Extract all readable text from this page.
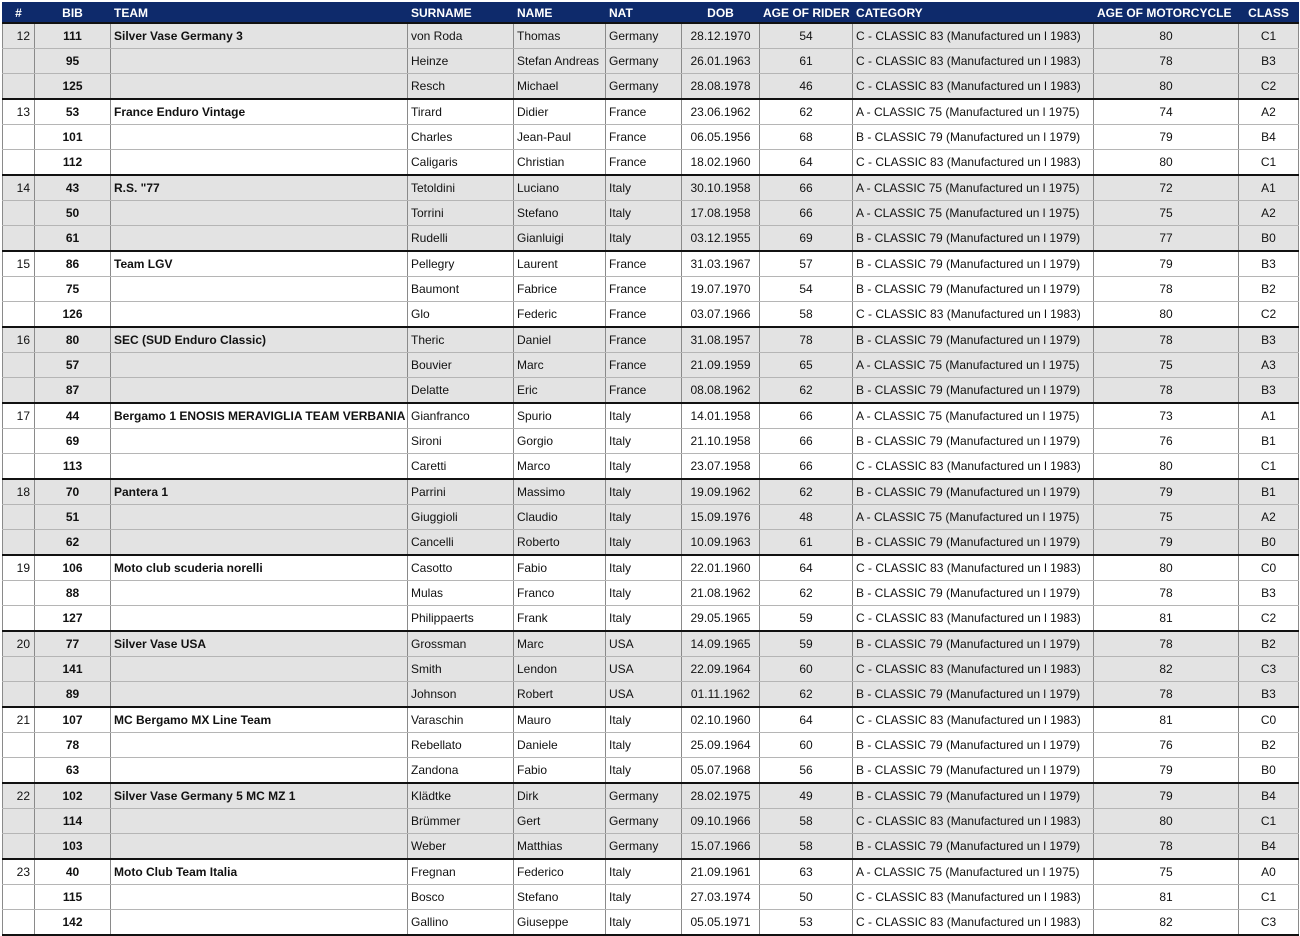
#	BIB	TEAM	SURNAME	NAME	NAT	DOB	AGE OF RIDER	CATEGORY	AGE OF MOTORCYCLE	CLASS
12	111	Silver Vase Germany 3	von Roda	Thomas	Germany	28.12.1970	54	C - CLASSIC 83 (Manufactured un l 1983)	80	C1
	95		Heinze	Stefan Andreas	Germany	26.01.1963	61	C - CLASSIC 83 (Manufactured un l 1983)	78	B3
	125		Resch	Michael	Germany	28.08.1978	46	C - CLASSIC 83 (Manufactured un l 1983)	80	C2
13	53	France Enduro Vintage	Tirard	Didier	France	23.06.1962	62	A - CLASSIC 75 (Manufactured un l 1975)	74	A2
	101		Charles	Jean-Paul	France	06.05.1956	68	B - CLASSIC 79 (Manufactured un l 1979)	79	B4
	112		Caligaris	Christian	France	18.02.1960	64	C - CLASSIC 83 (Manufactured un l 1983)	80	C1
14	43	R.S. "77	Tetoldini	Luciano	Italy	30.10.1958	66	A - CLASSIC 75 (Manufactured un l 1975)	72	A1
	50		Torrini	Stefano	Italy	17.08.1958	66	A - CLASSIC 75 (Manufactured un l 1975)	75	A2
	61		Rudelli	Gianluigi	Italy	03.12.1955	69	B - CLASSIC 79 (Manufactured un l 1979)	77	B0
15	86	Team LGV	Pellegry	Laurent	France	31.03.1967	57	B - CLASSIC 79 (Manufactured un l 1979)	79	B3
	75		Baumont	Fabrice	France	19.07.1970	54	B - CLASSIC 79 (Manufactured un l 1979)	78	B2
	126		Glo	Federic	France	03.07.1966	58	C - CLASSIC 83 (Manufactured un l 1983)	80	C2
16	80	SEC (SUD Enduro Classic)	Theric	Daniel	France	31.08.1957	78	B - CLASSIC 79 (Manufactured un l 1979)	78	B3
	57		Bouvier	Marc	France	21.09.1959	65	A - CLASSIC 75 (Manufactured un l 1975)	75	A3
	87		Delatte	Eric	France	08.08.1962	62	B - CLASSIC 79 (Manufactured un l 1979)	78	B3
17	44	Bergamo 1 ENOSIS MERAVIGLIA TEAM VERBANIA	Gianfranco	Spurio	Italy	14.01.1958	66	A - CLASSIC 75 (Manufactured un l 1975)	73	A1
	69		Sironi	Gorgio	Italy	21.10.1958	66	B - CLASSIC 79 (Manufactured un l 1979)	76	B1
	113		Caretti	Marco	Italy	23.07.1958	66	C - CLASSIC 83 (Manufactured un l 1983)	80	C1
18	70	Pantera 1	Parrini	Massimo	Italy	19.09.1962	62	B - CLASSIC 79 (Manufactured un l 1979)	79	B1
	51		Giuggioli	Claudio	Italy	15.09.1976	48	A - CLASSIC 75 (Manufactured un l 1975)	75	A2
	62		Cancelli	Roberto	Italy	10.09.1963	61	B - CLASSIC 79 (Manufactured un l 1979)	79	B0
19	106	Moto club scuderia norelli	Casotto	Fabio	Italy	22.01.1960	64	C - CLASSIC 83 (Manufactured un l 1983)	80	C0
	88		Mulas	Franco	Italy	21.08.1962	62	B - CLASSIC 79 (Manufactured un l 1979)	78	B3
	127		Philippaerts	Frank	Italy	29.05.1965	59	C - CLASSIC 83 (Manufactured un l 1983)	81	C2
20	77	Silver Vase USA	Grossman	Marc	USA	14.09.1965	59	B - CLASSIC 79 (Manufactured un l 1979)	78	B2
	141		Smith	Lendon	USA	22.09.1964	60	C - CLASSIC 83 (Manufactured un l 1983)	82	C3
	89		Johnson	Robert	USA	01.11.1962	62	B - CLASSIC 79 (Manufactured un l 1979)	78	B3
21	107	MC Bergamo MX Line Team	Varaschin	Mauro	Italy	02.10.1960	64	C - CLASSIC 83 (Manufactured un l 1983)	81	C0
	78		Rebellato	Daniele	Italy	25.09.1964	60	B - CLASSIC 79 (Manufactured un l 1979)	76	B2
	63		Zandona	Fabio	Italy	05.07.1968	56	B - CLASSIC 79 (Manufactured un l 1979)	79	B0
22	102	Silver Vase Germany 5 MC MZ 1	Klädtke	Dirk	Germany	28.02.1975	49	B - CLASSIC 79 (Manufactured un l 1979)	79	B4
	114		Brümmer	Gert	Germany	09.10.1966	58	C - CLASSIC 83 (Manufactured un l 1983)	80	C1
	103		Weber	Matthias	Germany	15.07.1966	58	B - CLASSIC 79 (Manufactured un l 1979)	78	B4
23	40	Moto Club Team Italia	Fregnan	Federico	Italy	21.09.1961	63	A - CLASSIC 75 (Manufactured un l 1975)	75	A0
	115		Bosco	Stefano	Italy	27.03.1974	50	C - CLASSIC 83 (Manufactured un l 1983)	81	C1
	142		Gallino	Giuseppe	Italy	05.05.1971	53	C - CLASSIC 83 (Manufactured un l 1983)	82	C3
